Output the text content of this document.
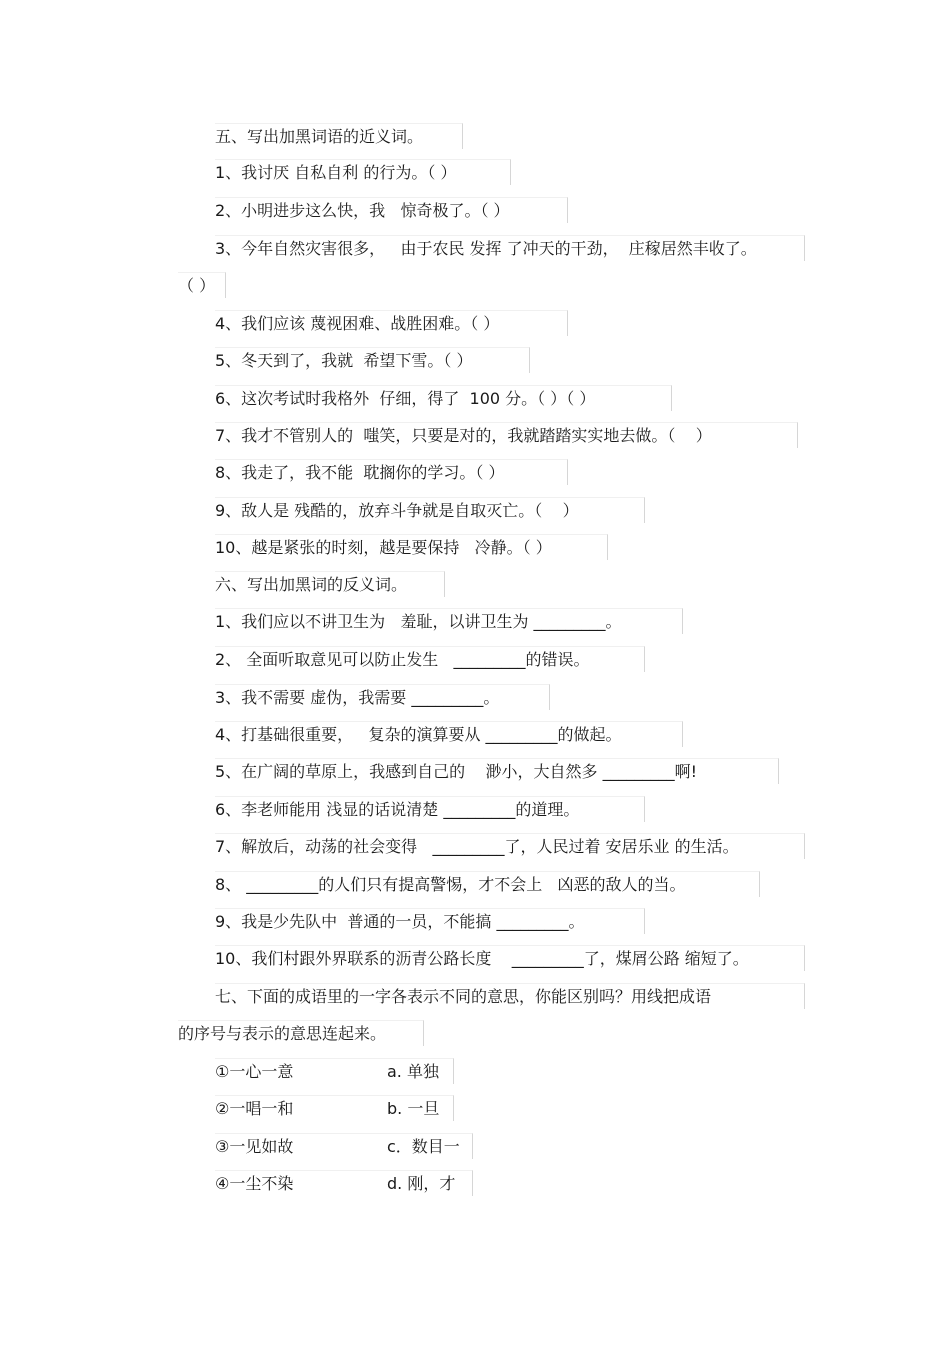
五、写出加黑词语的近义词。
1、我讨厌 自私自利 的行为。（ ）
2、小明进步这么快，我   惊奇极了。（ ）
3、今年自然灾害很多，   由于农民 发挥 了冲天的干劲，  庄稼居然丰收了。
（ ）
4、我们应该 蔑视困难、战胜困难。（ ）
5、冬天到了，我就  希望下雪。（ ）
6、这次考试时我格外  仔细，得了  100 分。（ ）（ ）
7、我才不管别人的  嗤笑，只要是对的，我就踏踏实实地去做。（    ）
8、我走了，我不能  耽搁你的学习。（ ）
9、敌人是 残酷的，放弃斗争就是自取灭亡。（    ）
10、越是紧张的时刻，越是要保持   冷静。（ ）
六、写出加黑词的反义词。
1、我们应以不讲卫生为   羞耻，以讲卫生为 _________。
2、 全面听取意见可以防止发生   _________的错误。
3、我不需要 虚伪，我需要 _________。
4、打基础很重要，   复杂的演算要从 _________的做起。
5、在广阔的草原上，我感到自己的    渺小，大自然多 _________啊!
6、李老师能用 浅显的话说清楚 _________的道理。
7、解放后，动荡的社会变得   _________了，人民过着 安居乐业 的生活。
8、 _________的人们只有提高警惕，才不会上   凶恶的敌人的当。
9、我是少先队中  普通的一员，不能搞 _________。
10、我们村跟外界联系的沥青公路长度    _________了，煤屑公路 缩短了。
七、下面的成语里的一字各表示不同的意思，你能区别吗？用线把成语
的序号与表示的意思连起来。
①一心一意	a. 单独
②一唱一和	b. 一旦
③一见如故	c．数目一
④一尘不染	d. 刚，才
